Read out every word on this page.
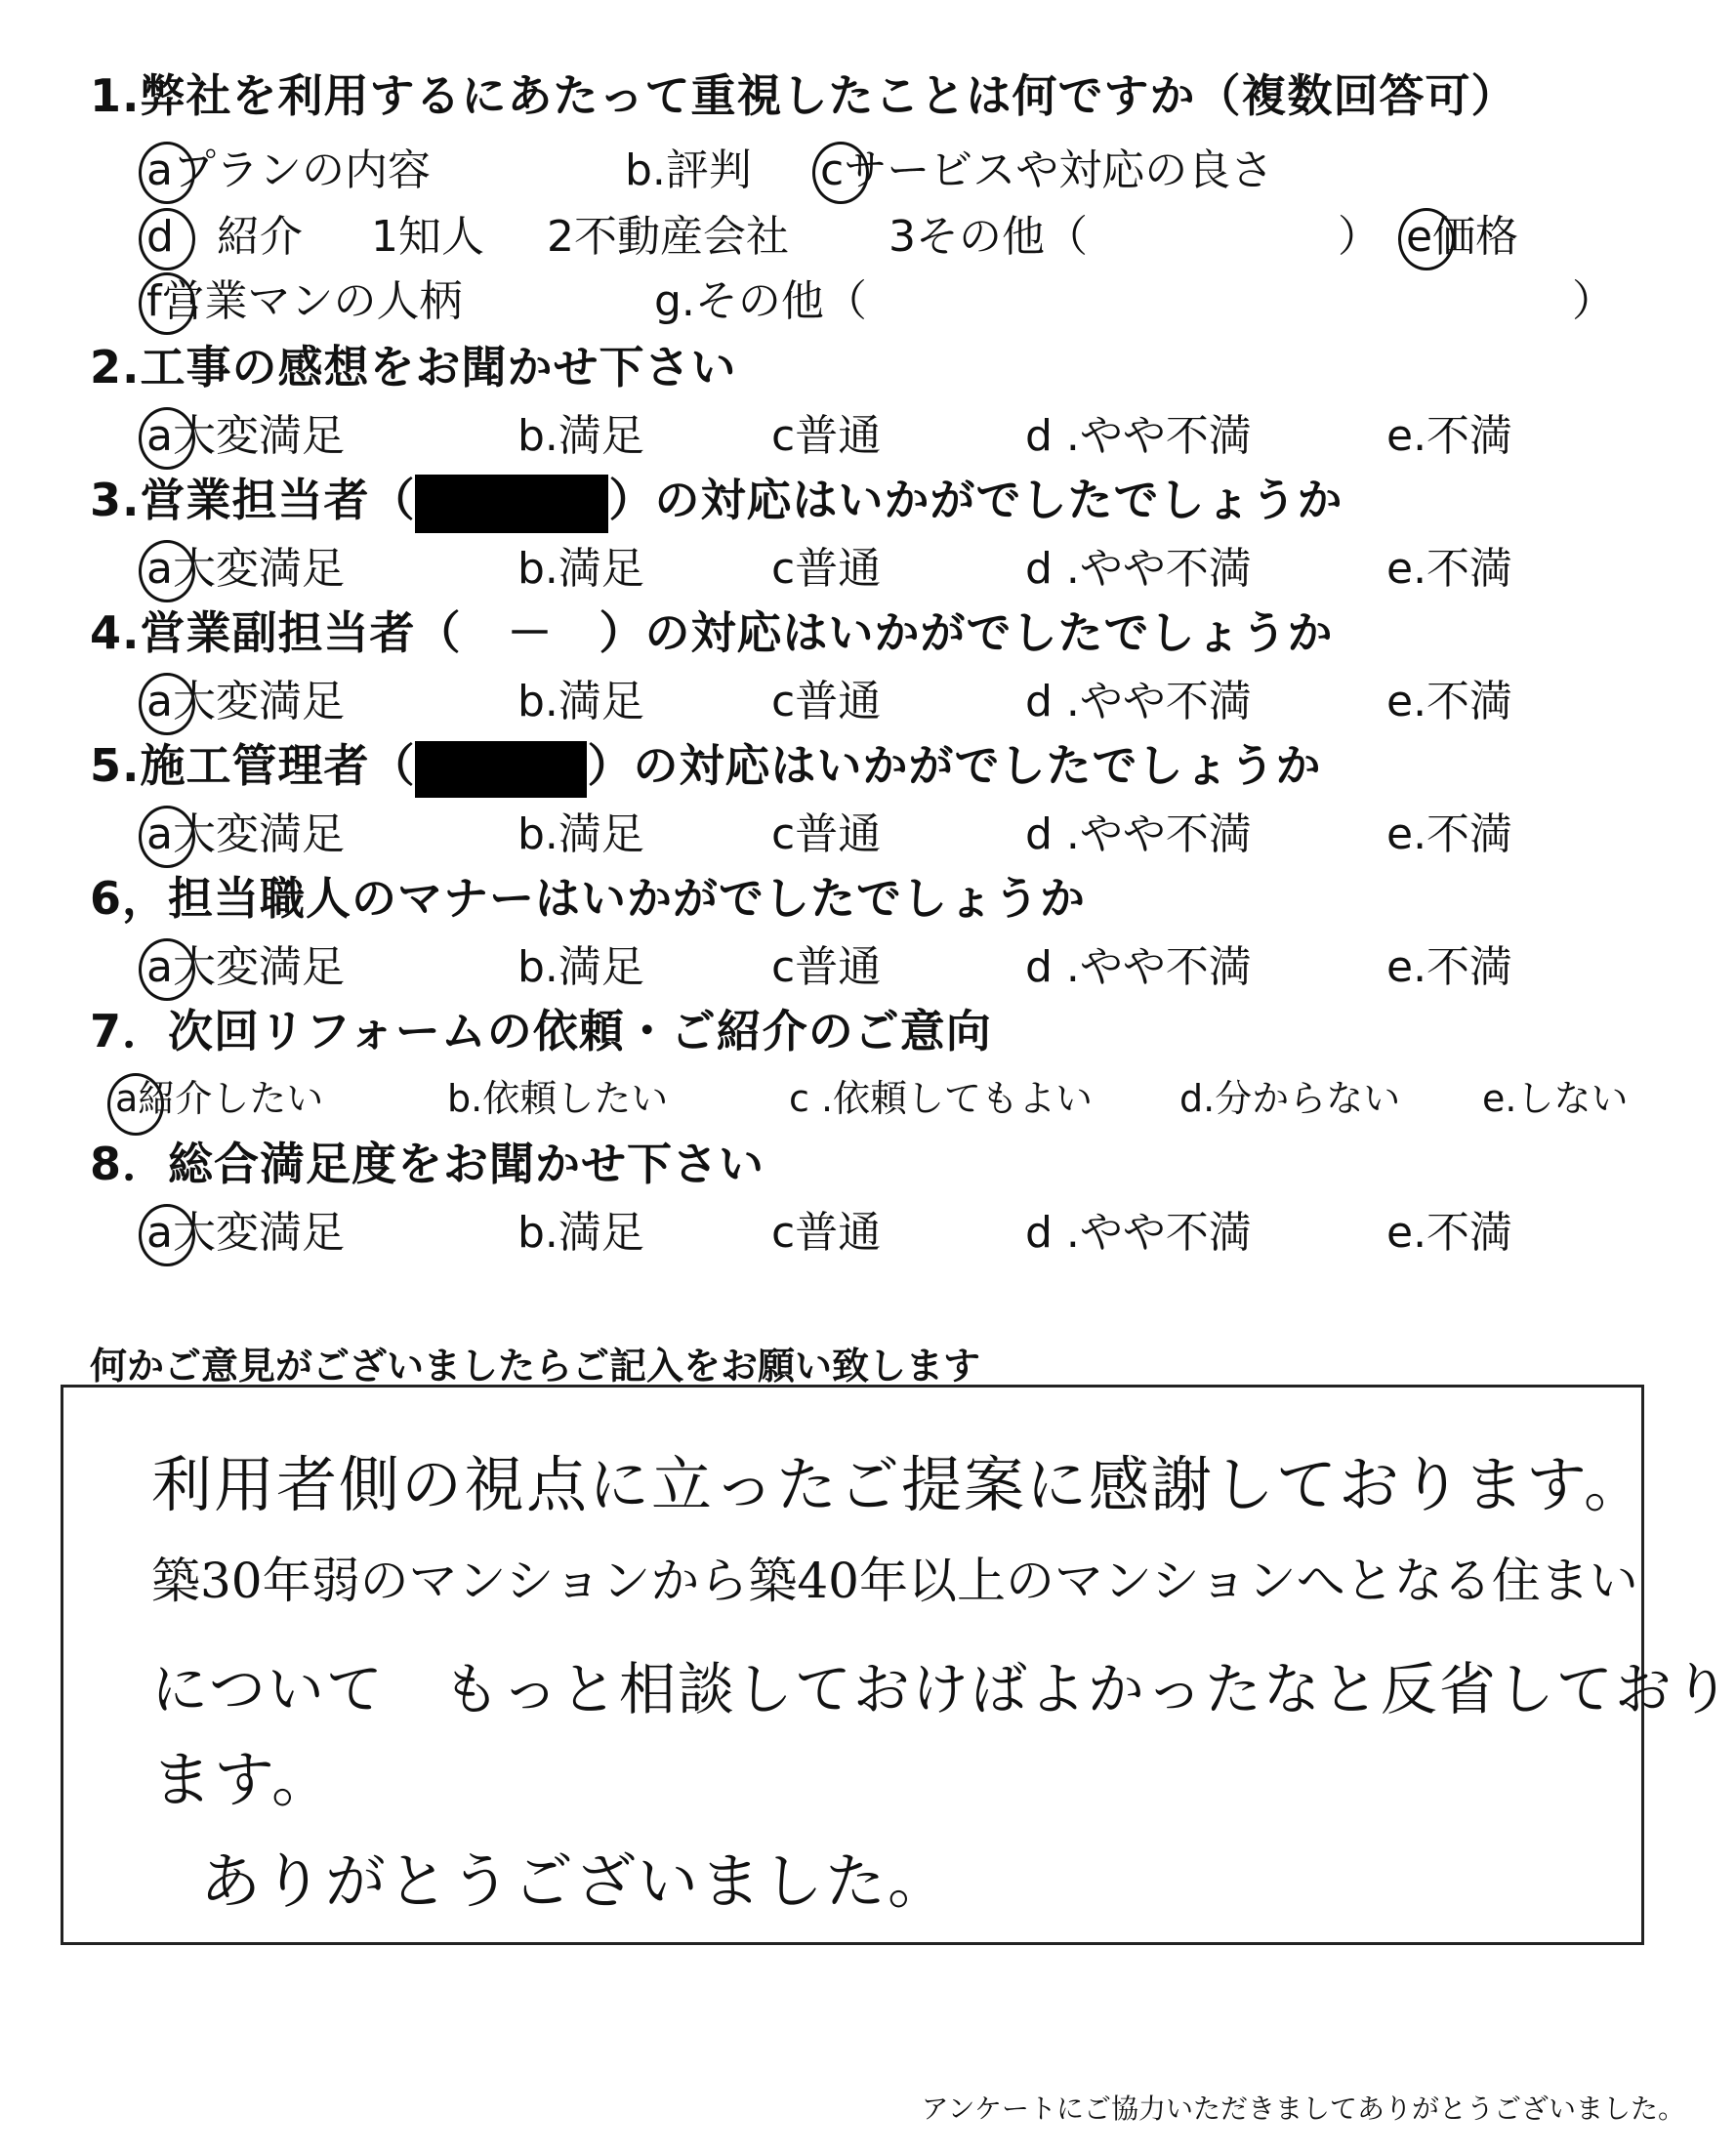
1.弊社を利用するにあたって重視したことは何ですか（複数回答可）
aプランの内容	b.評判 cサービスや対応の良さ
d　 紹介 1知人 2不動産会社 3その他（	） e価格
f営業マンの人柄	g.その他（	）
2.工事の感想をお聞かせ下さい
a大変満足	b.満足	c普通	d .やや不満	e.不満
3.営業担当者（	）の対応はいかがでしたでしょうか
a大変満足	b.満足	c普通	d .やや不満	e.不満
4.営業副担当者（　－　）の対応はいかがでしたでしょうか
a大変満足	b.満足	c普通	d .やや不満	e.不満
5.施工管理者（	）の対応はいかがでしたでしょうか
a大変満足	b.満足	c普通	d .やや不満	e.不満
6，担当職人のマナーはいかがでしたでしょうか
a大変満足	b.満足	c普通	d .やや不満	e.不満
7．次回リフォームの依頼・ご紹介のご意向
a紹介したい	b.依頼したい	c .依頼してもよい d.分からない e.しない
8．総合満足度をお聞かせ下さい
a大変満足	b.満足	c普通	d .やや不満	e.不満
何かご意見がございましたらご記入をお願い致します
利用者側の視点に立ったご提案に感謝しております。
築30年弱のマンションから築40年以上のマンションへとなる住まい
について　もっと相談しておけばよかったなと反省しており
ます。
ありがとうございました。
アンケートにご協力いただきましてありがとうございました。
